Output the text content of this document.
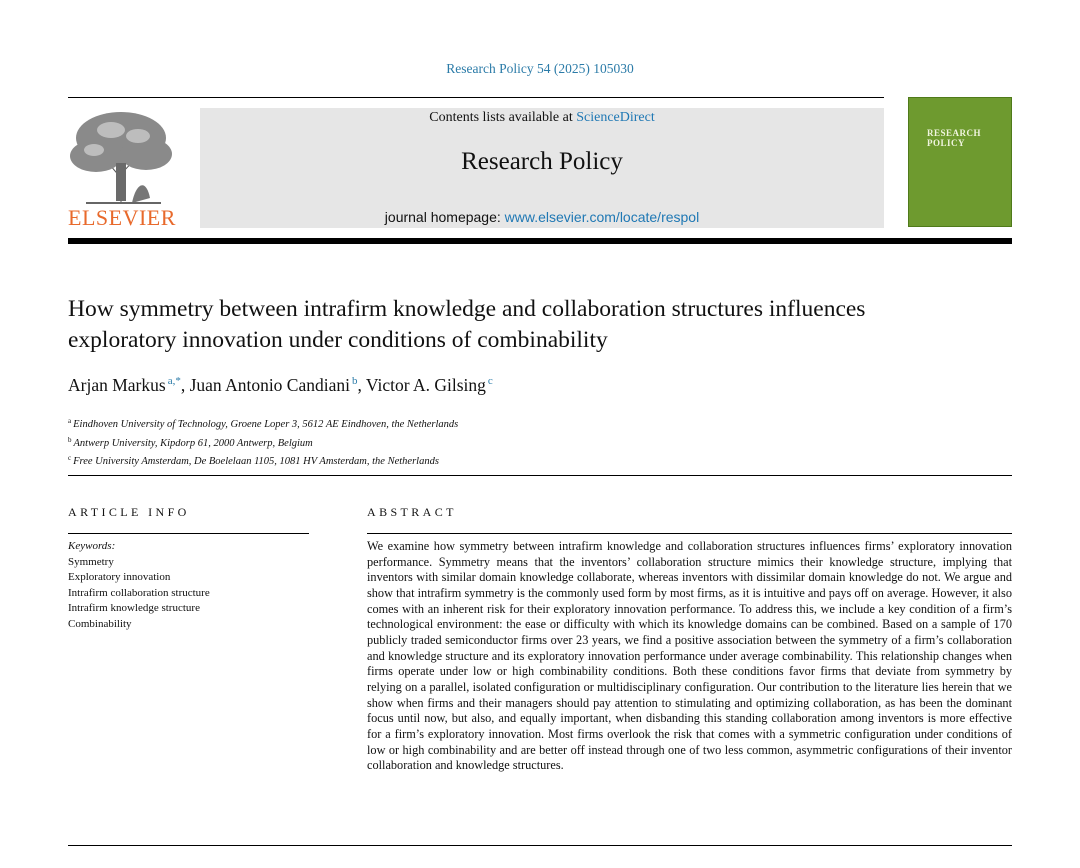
Research Policy 54 (2025) 105030
ELSEVIER
Contents lists available at ScienceDirect
Research Policy
journal homepage: www.elsevier.com/locate/respol
RESEARCH
POLICY
How symmetry between intrafirm knowledge and collaboration structures influences exploratory innovation under conditions of combinability
Arjan Markus $^{a,*}$, Juan Antonio Candiani $^b$, Victor A. Gilsing $^c$
$^a$ Eindhoven University of Technology, Groene Loper 3, 5612 AE Eindhoven, the Netherlands
$^b$ Antwerp University, Kipdorp 61, 2000 Antwerp, Belgium
$^c$ Free University Amsterdam, De Boelelaan 1105, 1081 HV Amsterdam, the Netherlands
ARTICLE INFO
Keywords:
Symmetry
Exploratory innovation
Intrafirm collaboration structure
Intrafirm knowledge structure
Combinability
ABSTRACT
We examine how symmetry between intrafirm knowledge and collaboration structures influences firms’ exploratory innovation performance. Symmetry means that the inventors’ collaboration structure mimics their knowledge structure, implying that inventors with similar domain knowledge collaborate, whereas inventors with dissimilar domain knowledge do not. We argue and show that intrafirm symmetry is the commonly used form by most firms, as it is intuitive and pays off on average. However, it also comes with an inherent risk for their exploratory innovation performance. To address this, we include a key condition of a firm’s technological environment: the ease or difficulty with which its knowledge domains can be combined. Based on a sample of 170 publicly traded semiconductor firms over 23 years, we find a positive association between the symmetry of a firm’s collaboration and knowledge structure and its exploratory innovation performance under average combinability. This relationship changes when firms operate under low or high combinability conditions. Both these conditions favor firms that deviate from symmetry by relying on a parallel, isolated configuration or multidisciplinary configuration. Our contribution to the literature lies herein that we show when firms and their managers should pay attention to stimulating and optimizing collaboration, as has been the dominant focus until now, but also, and equally important, when disbanding this standing collaboration among inventors is more effective for a firm’s exploratory innovation. Most firms overlook the risk that comes with a symmetric configuration under conditions of low or high combinability and are better off instead through one of two less common, asymmetric configurations of their inventor collaboration and knowledge structures.
